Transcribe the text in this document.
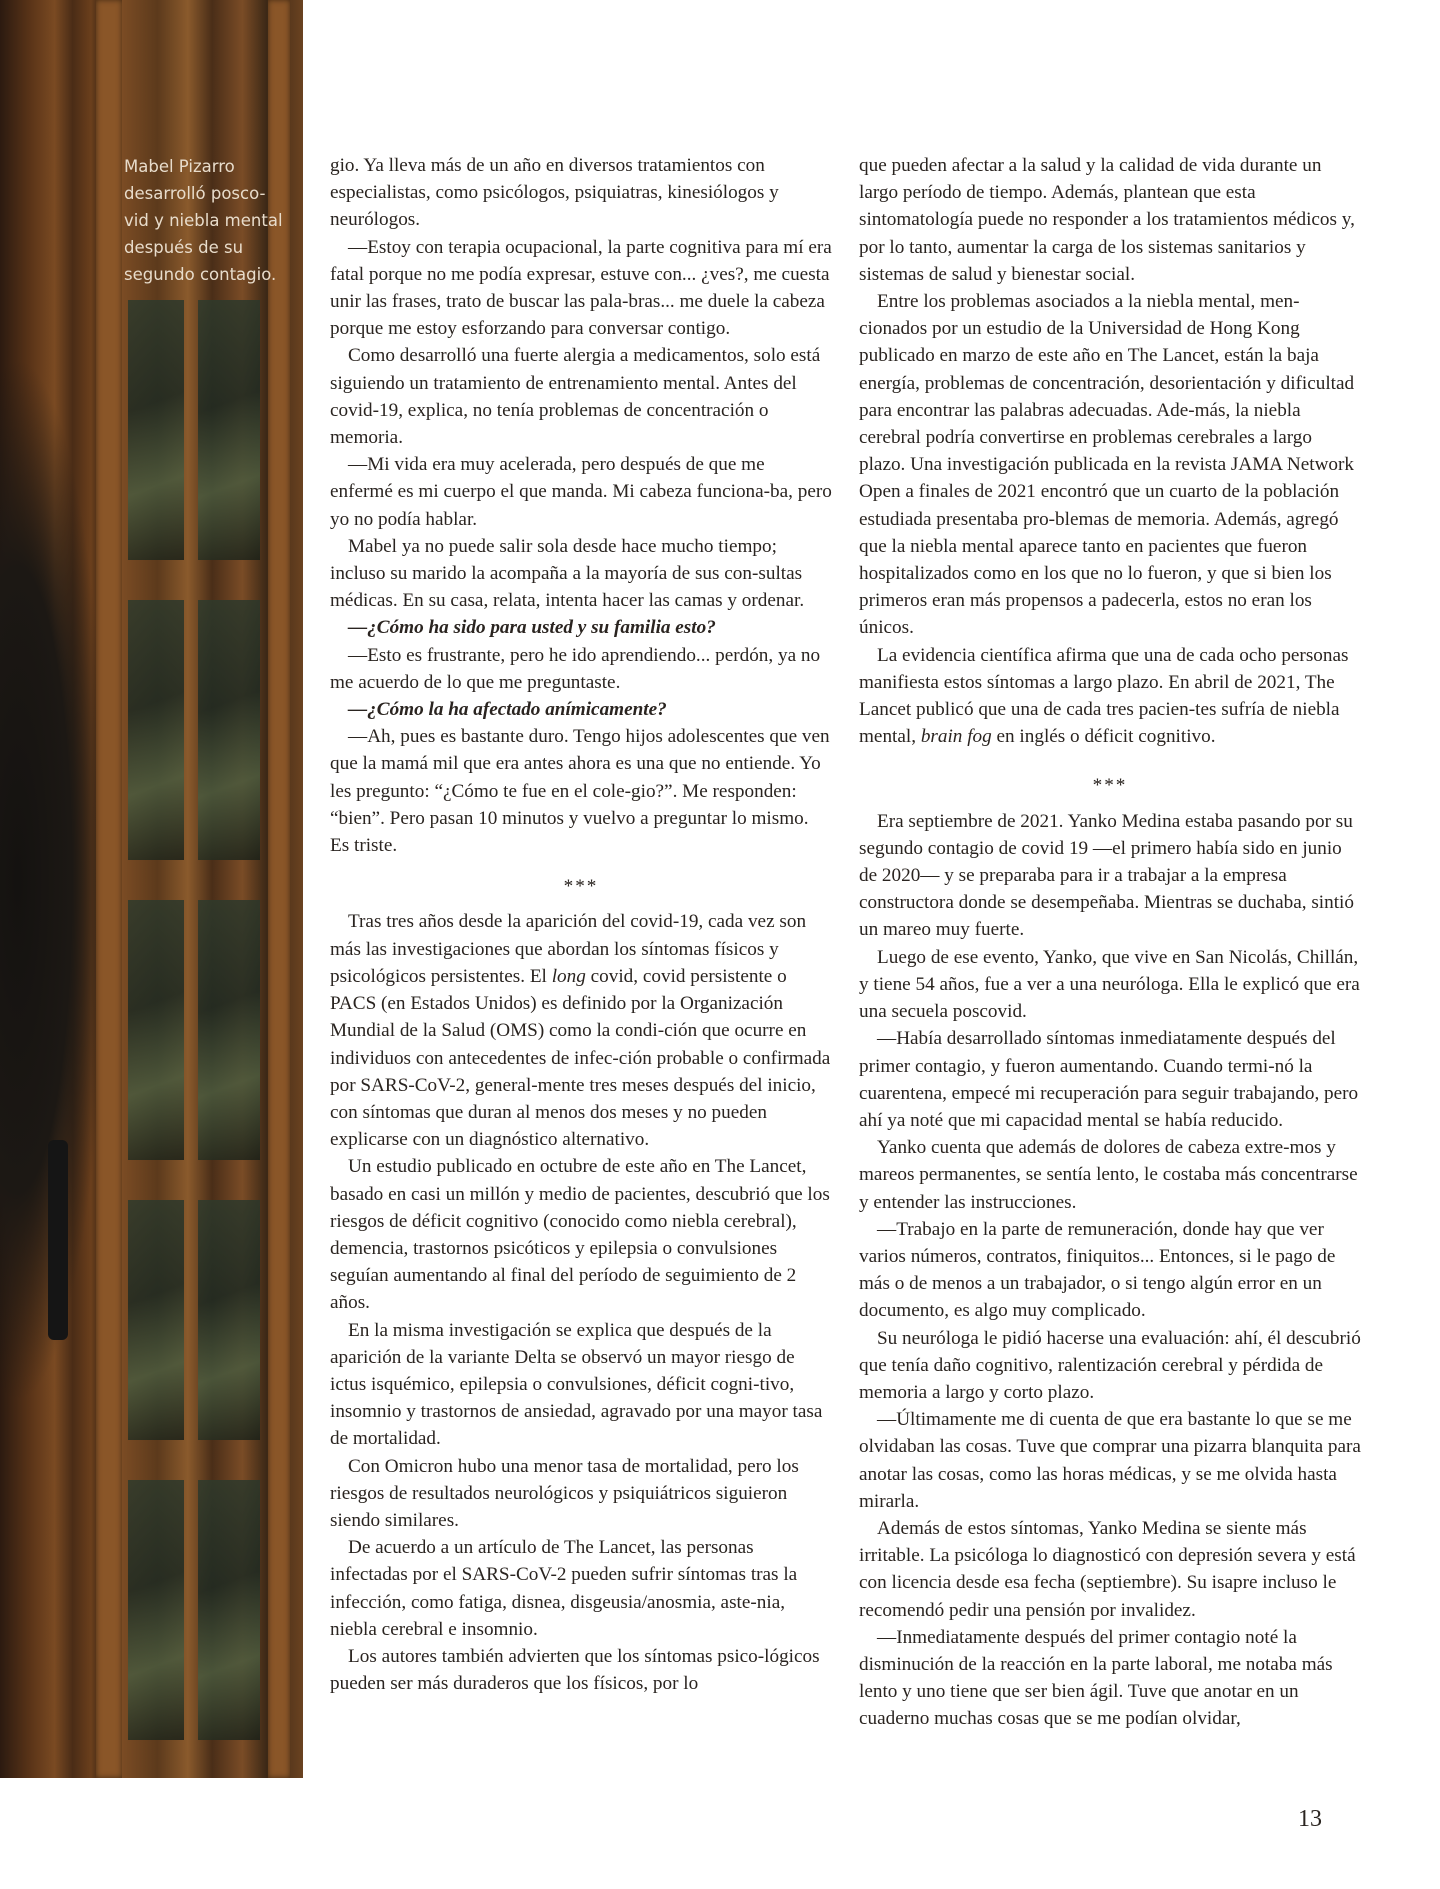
Mabel Pizarro desarrolló posco-vid y niebla mental después de su segundo contagio.

gio. Ya lleva más de un año en diversos tratamientos con especialistas, como psicólogos, psiquiatras, kinesiólogos y neurólogos.

—Estoy con terapia ocupacional, la parte cognitiva para mí era fatal porque no me podía expresar, estuve con... ¿ves?, me cuesta unir las frases, trato de buscar las pala-bras... me duele la cabeza porque me estoy esforzando para conversar contigo.

Como desarrolló una fuerte alergia a medicamentos, solo está siguiendo un tratamiento de entrenamiento mental. Antes del covid-19, explica, no tenía problemas de concentración o memoria.

—Mi vida era muy acelerada, pero después de que me enfermé es mi cuerpo el que manda. Mi cabeza funciona-ba, pero yo no podía hablar.

Mabel ya no puede salir sola desde hace mucho tiempo; incluso su marido la acompaña a la mayoría de sus con-sultas médicas. En su casa, relata, intenta hacer las camas y ordenar.

—¿Cómo ha sido para usted y su familia esto?

—Esto es frustrante, pero he ido aprendiendo... perdón, ya no me acuerdo de lo que me preguntaste.

—¿Cómo la ha afectado anímicamente?

—Ah, pues es bastante duro. Tengo hijos adolescentes que ven que la mamá mil que era antes ahora es una que no entiende. Yo les pregunto: “¿Cómo te fue en el cole-gio?”. Me responden: “bien”. Pero pasan 10 minutos y vuelvo a preguntar lo mismo. Es triste.

***

Tras tres años desde la aparición del covid-19, cada vez son más las investigaciones que abordan los síntomas físicos y psicológicos persistentes. El long covid, covid persistente o PACS (en Estados Unidos) es definido por la Organización Mundial de la Salud (OMS) como la condi-ción que ocurre en individuos con antecedentes de infec-ción probable o confirmada por SARS-CoV-2, general-mente tres meses después del inicio, con síntomas que duran al menos dos meses y no pueden explicarse con un diagnóstico alternativo.

Un estudio publicado en octubre de este año en The Lancet, basado en casi un millón y medio de pacientes, descubrió que los riesgos de déficit cognitivo (conocido como niebla cerebral), demencia, trastornos psicóticos y epilepsia o convulsiones seguían aumentando al final del período de seguimiento de 2 años.

En la misma investigación se explica que después de la aparición de la variante Delta se observó un mayor riesgo de ictus isquémico, epilepsia o convulsiones, déficit cogni-tivo, insomnio y trastornos de ansiedad, agravado por una mayor tasa de mortalidad.

Con Omicron hubo una menor tasa de mortalidad, pero los riesgos de resultados neurológicos y psiquiátricos siguieron siendo similares.

De acuerdo a un artículo de The Lancet, las personas infectadas por el SARS-CoV-2 pueden sufrir síntomas tras la infección, como fatiga, disnea, disgeusia/anosmia, aste-nia, niebla cerebral e insomnio.

Los autores también advierten que los síntomas psico-lógicos pueden ser más duraderos que los físicos, por lo

que pueden afectar a la salud y la calidad de vida durante un largo período de tiempo. Además, plantean que esta sintomatología puede no responder a los tratamientos médicos y, por lo tanto, aumentar la carga de los sistemas sanitarios y sistemas de salud y bienestar social.

Entre los problemas asociados a la niebla mental, men-cionados por un estudio de la Universidad de Hong Kong publicado en marzo de este año en The Lancet, están la baja energía, problemas de concentración, desorientación y dificultad para encontrar las palabras adecuadas. Ade-más, la niebla cerebral podría convertirse en problemas cerebrales a largo plazo. Una investigación publicada en la revista JAMA Network Open a finales de 2021 encontró que un cuarto de la población estudiada presentaba pro-blemas de memoria. Además, agregó que la niebla mental aparece tanto en pacientes que fueron hospitalizados como en los que no lo fueron, y que si bien los primeros eran más propensos a padecerla, estos no eran los únicos.

La evidencia científica afirma que una de cada ocho personas manifiesta estos síntomas a largo plazo. En abril de 2021, The Lancet publicó que una de cada tres pacien-tes sufría de niebla mental, brain fog en inglés o déficit cognitivo.

***

Era septiembre de 2021. Yanko Medina estaba pasando por su segundo contagio de covid 19 —el primero había sido en junio de 2020— y se preparaba para ir a trabajar a la empresa constructora donde se desempeñaba. Mientras se duchaba, sintió un mareo muy fuerte.

Luego de ese evento, Yanko, que vive en San Nicolás, Chillán, y tiene 54 años, fue a ver a una neuróloga. Ella le explicó que era una secuela poscovid.

—Había desarrollado síntomas inmediatamente después del primer contagio, y fueron aumentando. Cuando termi-nó la cuarentena, empecé mi recuperación para seguir trabajando, pero ahí ya noté que mi capacidad mental se había reducido.

Yanko cuenta que además de dolores de cabeza extre-mos y mareos permanentes, se sentía lento, le costaba más concentrarse y entender las instrucciones.

—Trabajo en la parte de remuneración, donde hay que ver varios números, contratos, finiquitos... Entonces, si le pago de más o de menos a un trabajador, o si tengo algún error en un documento, es algo muy complicado.

Su neuróloga le pidió hacerse una evaluación: ahí, él descubrió que tenía daño cognitivo, ralentización cerebral y pérdida de memoria a largo y corto plazo.

—Últimamente me di cuenta de que era bastante lo que se me olvidaban las cosas. Tuve que comprar una pizarra blanquita para anotar las cosas, como las horas médicas, y se me olvida hasta mirarla.

Además de estos síntomas, Yanko Medina se siente más irritable. La psicóloga lo diagnosticó con depresión severa y está con licencia desde esa fecha (septiembre). Su isapre incluso le recomendó pedir una pensión por invalidez.

—Inmediatamente después del primer contagio noté la disminución de la reacción en la parte laboral, me notaba más lento y uno tiene que ser bien ágil. Tuve que anotar en un cuaderno muchas cosas que se me podían olvidar,

13
